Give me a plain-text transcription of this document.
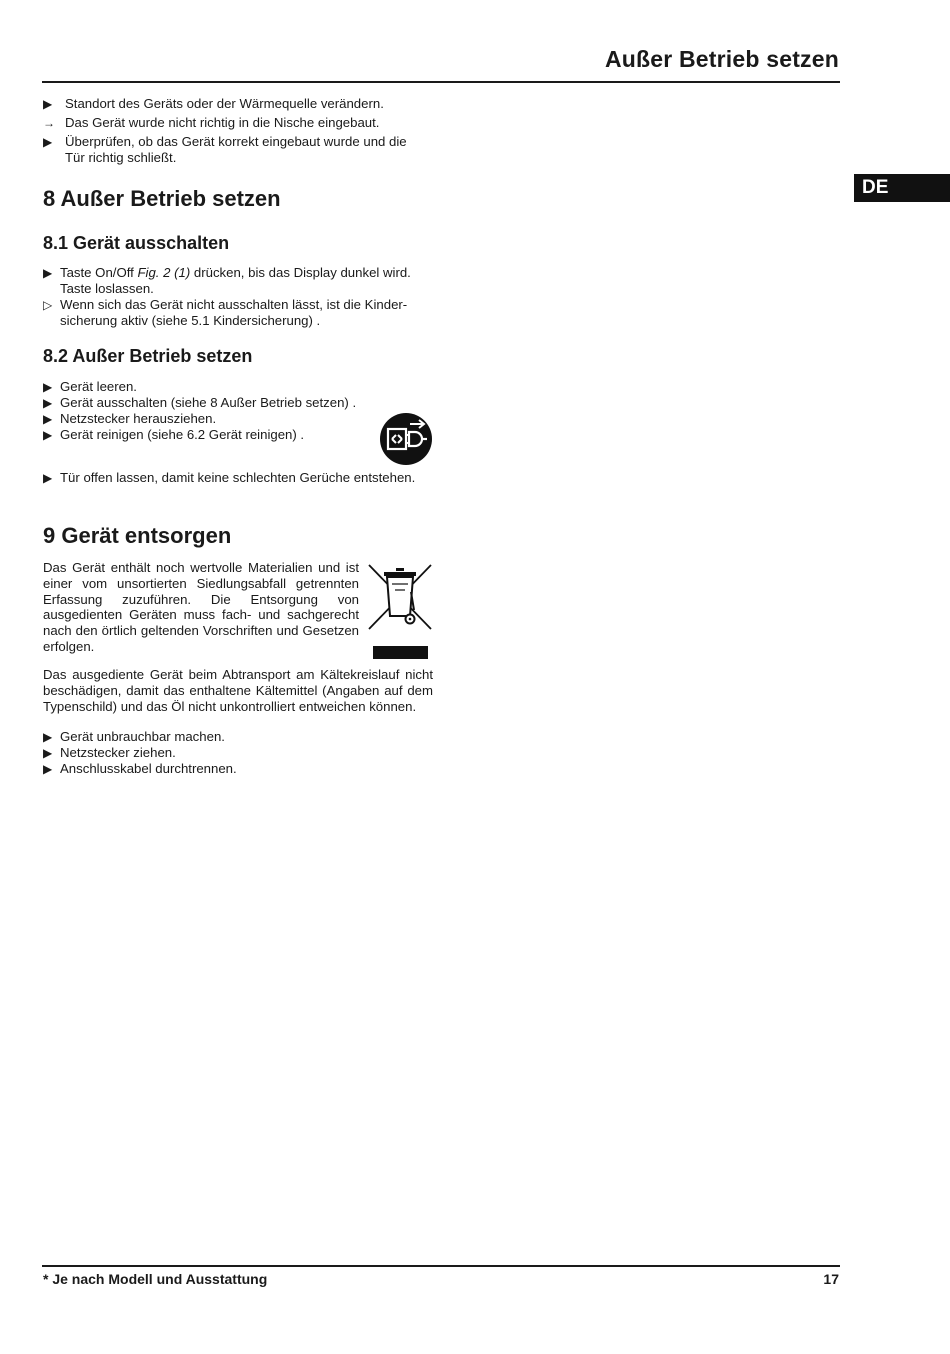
Außer Betrieb setzen
DE
▶ Standort des Geräts oder der Wärmequelle verändern.
→ Das Gerät wurde nicht richtig in die Nische eingebaut.
▶ Überprüfen, ob das Gerät korrekt eingebaut wurde und die
Tür richtig schließt.
8 Außer Betrieb setzen
8.1 Gerät ausschalten
▶ Taste On/Off Fig. 2 (1) drücken, bis das Display dunkel wird.
Taste loslassen.
▷ Wenn sich das Gerät nicht ausschalten lässt, ist die Kinder-
sicherung aktiv (siehe 5.1 Kindersicherung) .
8.2 Außer Betrieb setzen
▶ Gerät leeren.
▶ Gerät ausschalten (siehe 8 Außer Betrieb setzen) .
▶ Netzstecker herausziehen.
▶ Gerät reinigen (siehe 6.2 Gerät reinigen) .
▶ Tür offen lassen, damit keine schlechten Gerüche entstehen.
9 Gerät entsorgen
Das Gerät enthält noch wertvolle Materialien und ist einer vom unsortierten Siedlungsabfall getrennten Erfassung zuzuführen. Die Entsorgung von ausgedienten Geräten muss fach- und sachgerecht nach den örtlich geltenden Vorschriften und Gesetzen erfolgen.
Das ausgediente Gerät beim Abtransport am Kältekreislauf nicht beschädigen, damit das enthaltene Kältemittel (Angaben auf dem Typenschild) und das Öl nicht unkontrolliert entweichen können.
▶ Gerät unbrauchbar machen.
▶ Netzstecker ziehen.
▶ Anschlusskabel durchtrennen.
* Je nach Modell und Ausstattung	17
